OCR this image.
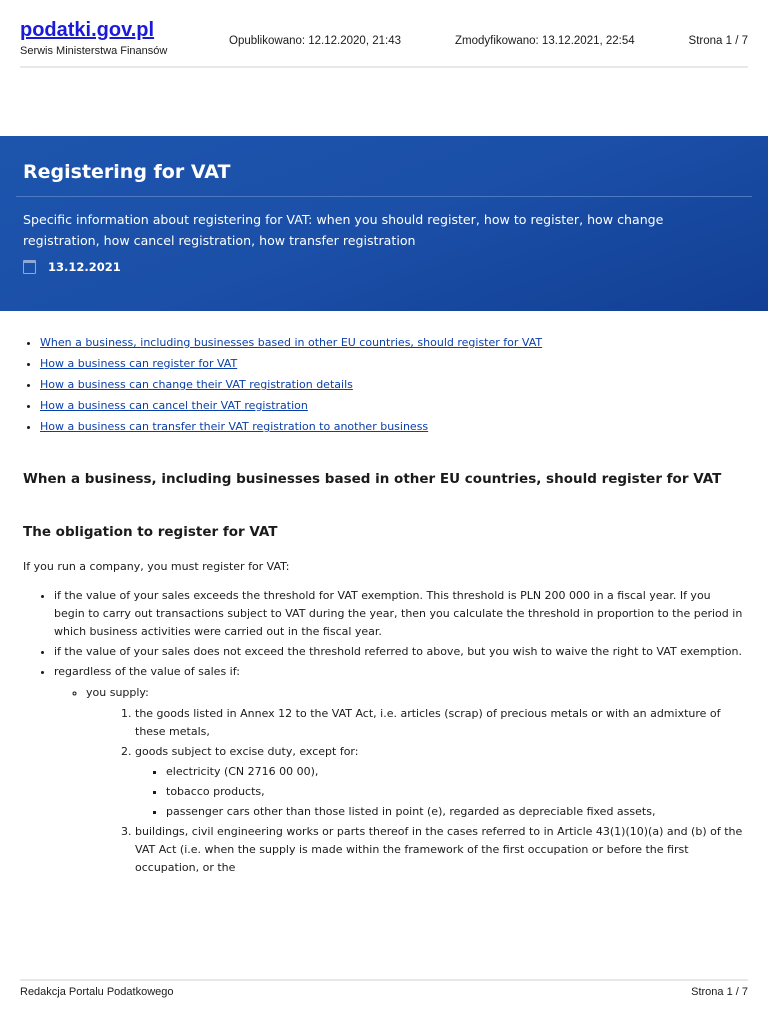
podatki.gov.pl
Serwis Ministerstwa Finansów
Opublikowano: 12.12.2020, 21:43	Zmodyfikowano: 13.12.2021, 22:54	Strona 1 / 7
Registering for VAT
Specific information about registering for VAT: when you should register, how to register, how change registration, how cancel registration, how transfer registration
13.12.2021
• When a business, including businesses based in other EU countries, should register for VAT
• How a business can register for VAT
• How a business can change their VAT registration details
• How a business can cancel their VAT registration
• How a business can transfer their VAT registration to another business
When a business, including businesses based in other EU countries, should register for VAT
The obligation to register for VAT

If you run a company, you must register for VAT:

• if the value of your sales exceeds the threshold for VAT exemption. This threshold is PLN 200 000 in a fiscal year. If you begin to carry out transactions subject to VAT during the year, then you calculate the threshold in proportion to the period in which business activities were carried out in the fiscal year.
• if the value of your sales does not exceed the threshold referred to above, but you wish to waive the right to VAT exemption.
• regardless of the value of sales if:
◦ you supply:
1. the goods listed in Annex 12 to the VAT Act, i.e. articles (scrap) of precious metals or with an admixture of these metals,
2. goods subject to excise duty, except for:
▪ electricity (CN 2716 00 00),
▪ tobacco products,
▪ passenger cars other than those listed in point (e), regarded as depreciable fixed assets,
3. buildings, civil engineering works or parts thereof in the cases referred to in Article 43(1)(10)(a) and (b) of the VAT Act (i.e. when the supply is made within the framework of the first occupation or before the first occupation, or the
Redakcja Portalu Podatkowego	Strona 1 / 7
